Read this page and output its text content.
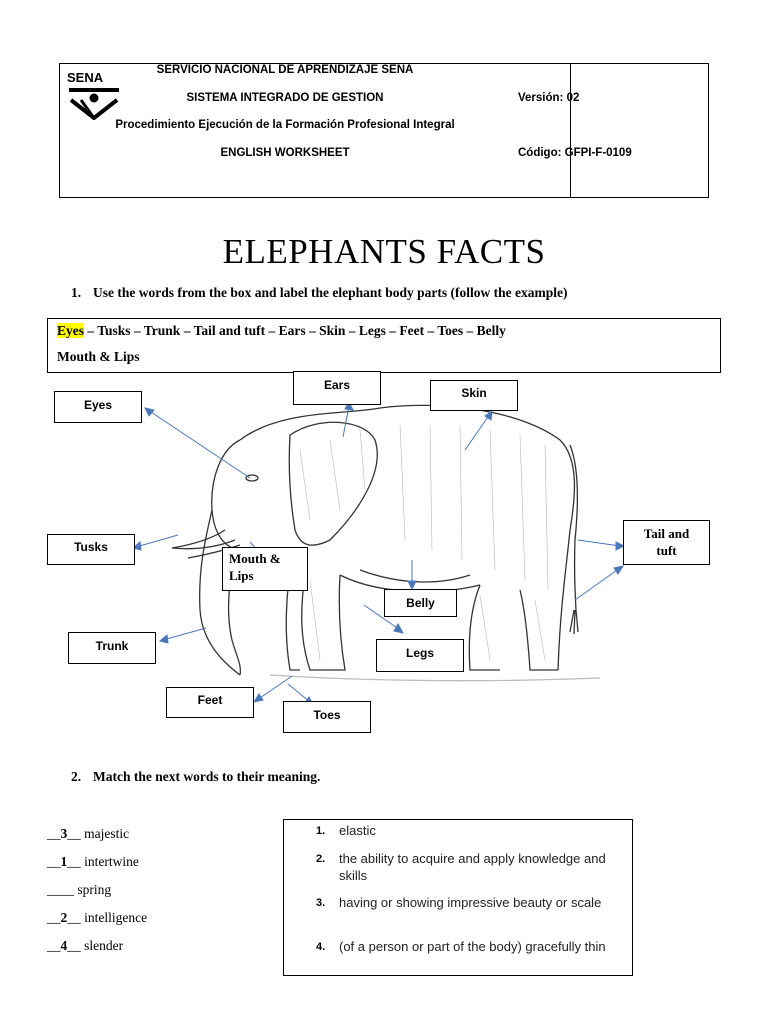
SENA	SERVICIO NACIONAL DE APRENDIZAJE SENA
SISTEMA INTEGRADO DE GESTION
Procedimiento Ejecución de la Formación Profesional Integral
ENGLISH WORKSHEET
Versión: 02
Código: GFPI-F-0109
ELEPHANTS FACTS
1. Use the words from the box and label the elephant body parts (follow the example)
Eyes – Tusks – Trunk – Tail and tuft – Ears – Skin – Legs – Feet – Toes – Belly
Mouth & Lips
Ears
Eyes
Skin
Tusks
Mouth &
Lips
Tail and
tuft
Belly
Trunk	Legs
Feet
Toes
2. Match the next words to their meaning.
__3__ majestic
__1__ intertwine
____ spring
__2__ intelligence
__4__ slender
1. elastic
2. the ability to acquire and apply knowledge and skills
3. having or showing impressive beauty or scale
4. (of a person or part of the body) gracefully thin
